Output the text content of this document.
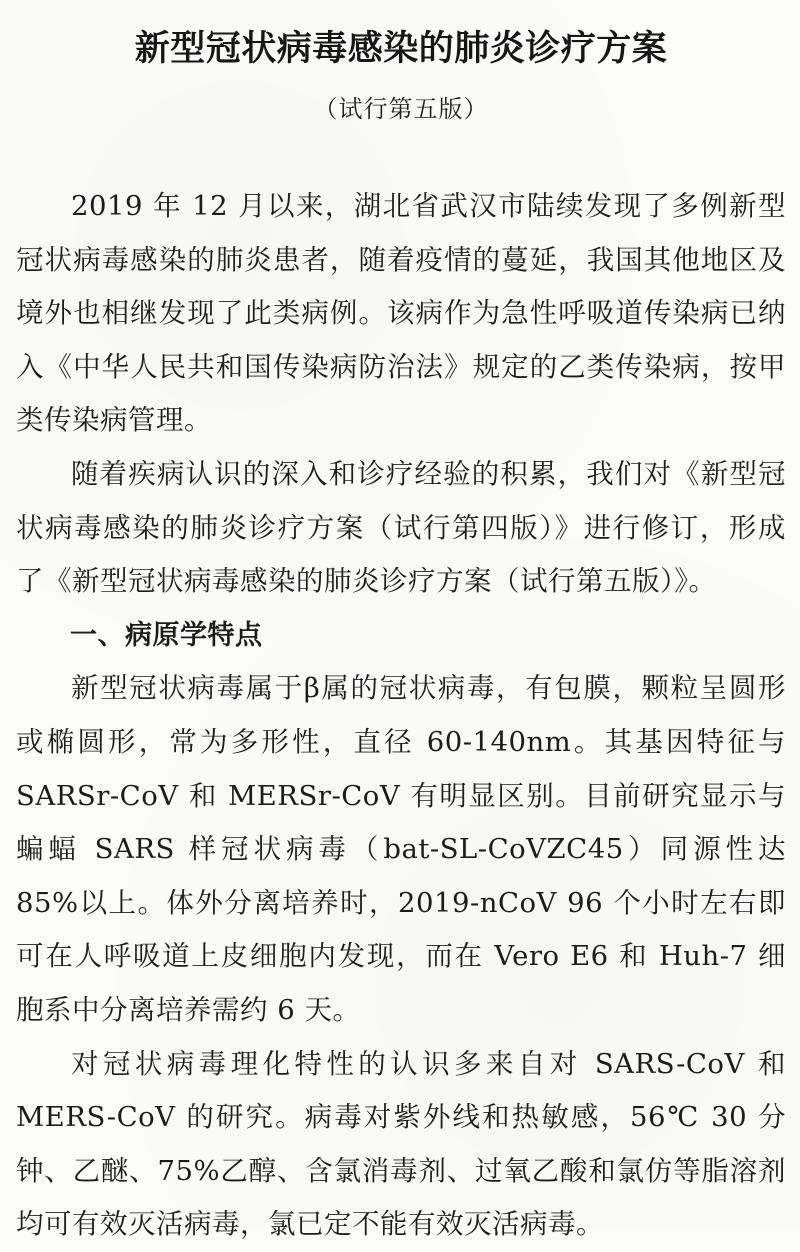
新型冠状病毒感染的肺炎诊疗方案
（试行第五版）

2019 年 12 月以来，湖北省武汉市陆续发现了多例新型冠状病毒感染的肺炎患者，随着疫情的蔓延，我国其他地区及境外也相继发现了此类病例。该病作为急性呼吸道传染病已纳入《中华人民共和国传染病防治法》规定的乙类传染病，按甲类传染病管理。

随着疾病认识的深入和诊疗经验的积累，我们对《新型冠状病毒感染的肺炎诊疗方案（试行第四版）》进行修订，形成了《新型冠状病毒感染的肺炎诊疗方案（试行第五版）》。

一、病原学特点

新型冠状病毒属于β属的冠状病毒，有包膜，颗粒呈圆形或椭圆形，常为多形性，直径 60-140nm。其基因特征与 SARSr-CoV 和 MERSr-CoV 有明显区别。目前研究显示与蝙蝠 SARS 样冠状病毒（bat-SL-CoVZC45）同源性达 85%以上。体外分离培养时，2019-nCoV 96 个小时左右即可在人呼吸道上皮细胞内发现，而在 Vero E6 和 Huh-7 细胞系中分离培养需约 6 天。

对冠状病毒理化特性的认识多来自对 SARS-CoV 和 MERS-CoV 的研究。病毒对紫外线和热敏感，56℃ 30 分钟、乙醚、75%乙醇、含氯消毒剂、过氧乙酸和氯仿等脂溶剂均可有效灭活病毒，氯已定不能有效灭活病毒。
